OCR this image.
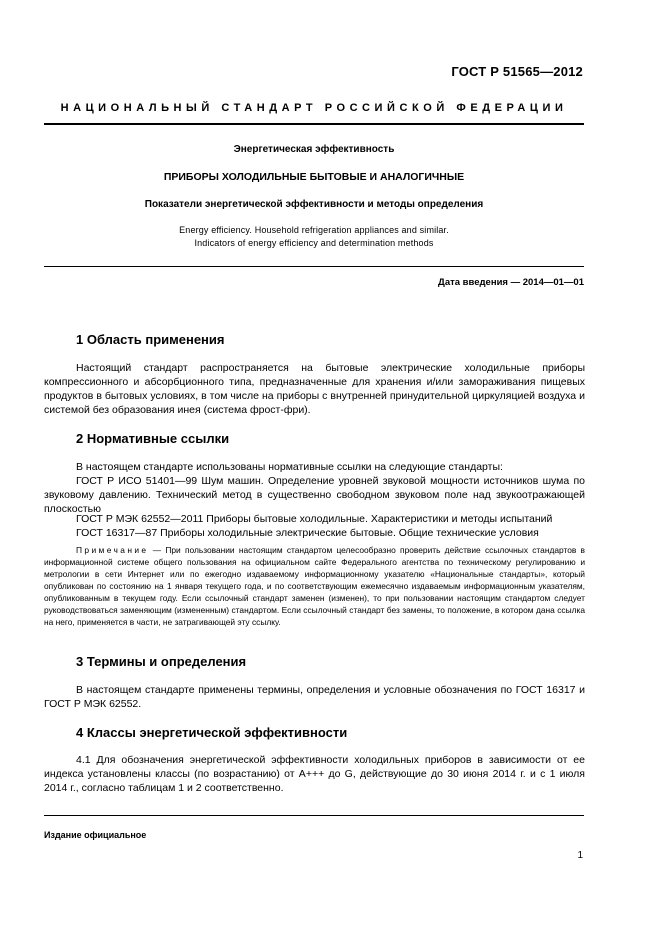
ГОСТ Р 51565—2012
НАЦИОНАЛЬНЫЙ СТАНДАРТ РОССИЙСКОЙ ФЕДЕРАЦИИ
Энергетическая эффективность
ПРИБОРЫ ХОЛОДИЛЬНЫЕ БЫТОВЫЕ И АНАЛОГИЧНЫЕ
Показатели энергетической эффективности и методы определения
Energy efficiency. Household refrigeration appliances and similar.
Indicators of energy efficiency and determination methods
Дата введения — 2014—01—01
1 Область применения
Настоящий стандарт распространяется на бытовые электрические холодильные приборы компрессионного и абсорбционного типа, предназначенные для хранения и/или замораживания пищевых продуктов в бытовых условиях, в том числе на приборы с внутренней принудительной циркуляцией воздуха и системой без образования инея (система фрост-фри).
2 Нормативные ссылки
В настоящем стандарте использованы нормативные ссылки на следующие стандарты:
ГОСТ Р ИСО 51401—99 Шум машин. Определение уровней звуковой мощности источников шума по звуковому давлению. Технический метод в существенно свободном звуковом поле над звукоотражающей плоскостью
ГОСТ Р МЭК 62552—2011 Приборы бытовые холодильные. Характеристики и методы испытаний
ГОСТ 16317—87 Приборы холодильные электрические бытовые. Общие технические условия
Примечание — При пользовании настоящим стандартом целесообразно проверить действие ссылочных стандартов в информационной системе общего пользования на официальном сайте Федерального агентства по техническому регулированию и метрологии в сети Интернет или по ежегодно издаваемому информационному указателю «Национальные стандарты», который опубликован по состоянию на 1 января текущего года, и по соответствующим ежемесячно издаваемым информационным указателям, опубликованным в текущем году. Если ссылочный стандарт заменен (изменен), то при пользовании настоящим стандартом следует руководствоваться заменяющим (измененным) стандартом. Если ссылочный стандарт без замены, то положение, в котором дана ссылка на него, применяется в части, не затрагивающей эту ссылку.
3 Термины и определения
В настоящем стандарте применены термины, определения и условные обозначения по ГОСТ 16317 и ГОСТ Р МЭК 62552.
4 Классы энергетической эффективности
4.1 Для обозначения энергетической эффективности холодильных приборов в зависимости от ее индекса установлены классы (по возрастанию) от А+++ до G, действующие до 30 июня 2014 г. и с 1 июля 2014 г., согласно таблицам 1 и 2 соответственно.
Издание официальное
1
